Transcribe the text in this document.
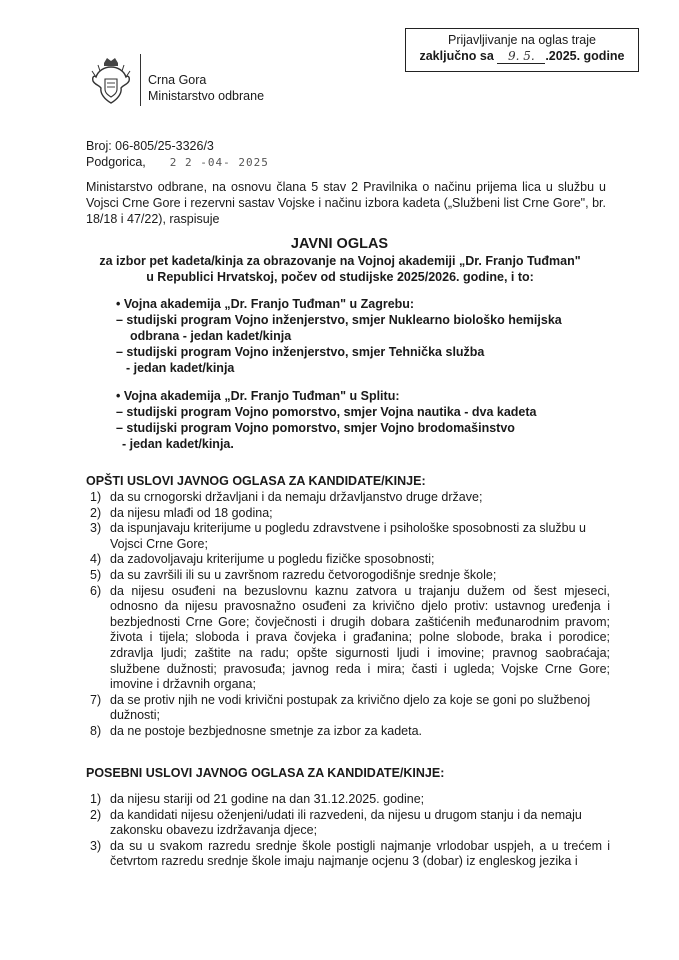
Prijavljivanje na oglas traje
zaključno sa 9. 5. .2025. godine
Crna Gora
Ministarstvo odbrane
Broj: 06-805/25-3326/3
Podgorica, 2 2 -04- 2025
Ministarstvo odbrane, na osnovu člana 5 stav 2 Pravilnika o načinu prijema lica u službu u Vojsci Crne Gore i rezervni sastav Vojske i načinu izbora kadeta („Službeni list Crne Gore", br. 18/18 i 47/22), raspisuje
JAVNI OGLAS
za izbor pet kadeta/kinja za obrazovanje na Vojnoj akademiji „Dr. Franjo Tuđman"
u Republici Hrvatskoj, počev od studijske 2025/2026. godine, i to:
• Vojna akademija „Dr. Franjo Tuđman" u Zagrebu:
– studijski program Vojno inženjerstvo, smjer Nuklearno biološko hemijska
odbrana - jedan kadet/kinja
– studijski program Vojno inženjerstvo, smjer Tehnička služba
- jedan kadet/kinja
• Vojna akademija „Dr. Franjo Tuđman" u Splitu:
– studijski program Vojno pomorstvo, smjer Vojna nautika - dva kadeta
– studijski program Vojno pomorstvo, smjer Vojno brodomašinstvo
- jedan kadet/kinja.
OPŠTI USLOVI JAVNOG OGLASA ZA KANDIDATE/KINJE:
1) da su crnogorski državljani i da nemaju državljanstvo druge države;
2) da nijesu mlađi od 18 godina;
3) da ispunjavaju kriterijume u pogledu zdravstvene i psihološke sposobnosti za službu u Vojsci Crne Gore;
4) da zadovoljavaju kriterijume u pogledu fizičke sposobnosti;
5) da su završili ili su u završnom razredu četvorogodišnje srednje škole;
6) da nijesu osuđeni na bezuslovnu kaznu zatvora u trajanju dužem od šest mjeseci, odnosno da nijesu pravosnažno osuđeni za krivično djelo protiv: ustavnog uređenja i bezbjednosti Crne Gore; čovječnosti i drugih dobara zaštićenih međunarodnim pravom; života i tijela; sloboda i prava čovjeka i građanina; polne slobode, braka i porodice; zdravlja ljudi; zaštite na radu; opšte sigurnosti ljudi i imovine; pravnog saobraćaja; službene dužnosti; pravosuđa; javnog reda i mira; časti i ugleda; Vojske Crne Gore; imovine i državnih organa;
7) da se protiv njih ne vodi krivični postupak za krivično djelo za koje se goni po službenoj dužnosti;
8) da ne postoje bezbjednosne smetnje za izbor za kadeta.
POSEBNI USLOVI JAVNOG OGLASA ZA KANDIDATE/KINJE:
1) da nijesu stariji od 21 godine na dan 31.12.2025. godine;
2) da kandidati nijesu oženjeni/udati ili razvedeni, da nijesu u drugom stanju i da nemaju zakonsku obavezu izdržavanja djece;
3) da su u svakom razredu srednje škole postigli najmanje vrlodobar uspjeh, a u trećem i četvrtom razredu srednje škole imaju najmanje ocjenu 3 (dobar) iz engleskog jezika i
